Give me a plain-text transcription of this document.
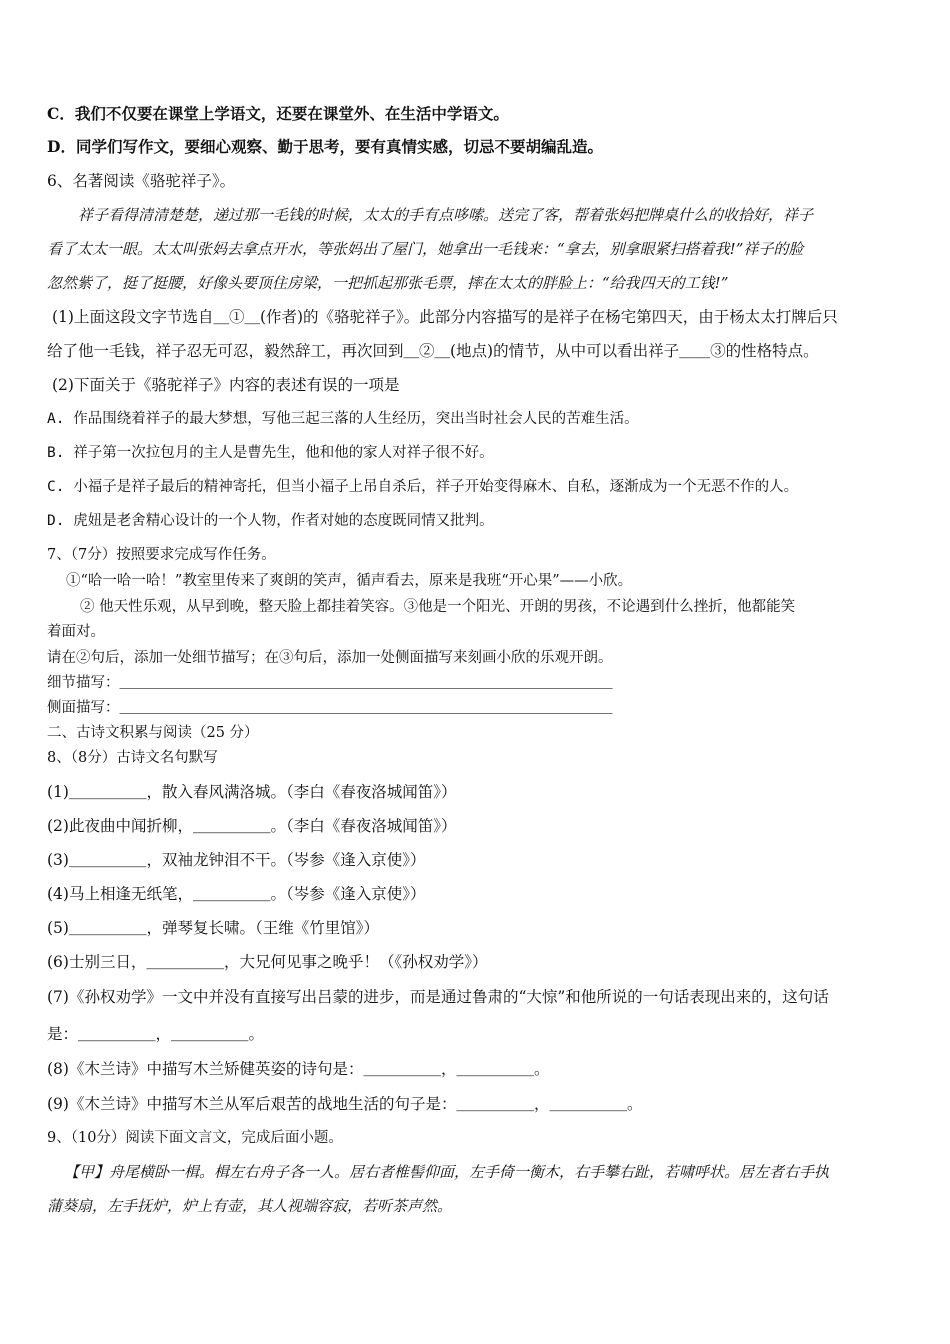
C．我们不仅要在课堂上学语文，还要在课堂外、在生活中学语文。
D．同学们写作文，要细心观察、勤于思考，要有真情实感，切忌不要胡编乱造。
6、名著阅读《骆驼祥子》。
祥子看得清清楚楚，递过那一毛钱的时候，太太的手有点哆嗦。送完了客，帮着张妈把牌桌什么的收拾好，祥子
看了太太一眼。太太叫张妈去拿点开水，等张妈出了屋门，她拿出一毛钱来：“拿去，别拿眼紧扫搭着我!”祥子的脸
忽然紫了，挺了挺腰，好像头要顶住房梁，一把抓起那张毛票，摔在太太的胖脸上：“给我四天的工钱!”
(1)上面这段文字节选自＿①＿(作者)的《骆驼祥子》。此部分内容描写的是祥子在杨宅第四天，由于杨太太打牌后只
给了他一毛钱，祥子忍无可忍，毅然辞工，再次回到＿②＿(地点)的情节，从中可以看出祥子＿＿③的性格特点。
(2)下面关于《骆驼祥子》内容的表述有误的一项是
A. 作品围绕着祥子的最大梦想，写他三起三落的人生经历，突出当时社会人民的苦难生活。
B. 祥子第一次拉包月的主人是曹先生，他和他的家人对祥子很不好。
C. 小福子是祥子最后的精神寄托，但当小福子上吊自杀后，祥子开始变得麻木、自私，逐渐成为一个无恶不作的人。
D. 虎妞是老舍精心设计的一个人物，作者对她的态度既同情又批判。
7、（7分）按照要求完成写作任务。
①“哈一哈一哈！”教室里传来了爽朗的笑声，循声看去，原来是我班“开心果”——小欣。
② 他天性乐观，从早到晚，整天脸上都挂着笑容。③他是一个阳光、开朗的男孩，不论遇到什么挫折，他都能笑
着面对。
请在②句后，添加一处细节描写；在③句后，添加一处侧面描写来刻画小欣的乐观开朗。
细节描写：＿＿＿＿＿＿＿＿＿＿＿＿＿＿＿＿＿＿＿＿＿＿＿＿＿＿＿＿＿＿＿＿＿＿
侧面描写：＿＿＿＿＿＿＿＿＿＿＿＿＿＿＿＿＿＿＿＿＿＿＿＿＿＿＿＿＿＿＿＿＿＿
二、古诗文积累与阅读（25 分）
8、（8分）古诗文名句默写
(1)＿＿＿＿＿，散入春风满洛城。（李白《春夜洛城闻笛》）
(2)此夜曲中闻折柳，＿＿＿＿＿。（李白《春夜洛城闻笛》）
(3)＿＿＿＿＿，双袖龙钟泪不干。（岑参《逢入京使》）
(4)马上相逢无纸笔，＿＿＿＿＿。（岑参《逢入京使》）
(5)＿＿＿＿＿，弹琴复长啸。（王维《竹里馆》）
(6)士别三日，＿＿＿＿＿，大兄何见事之晚乎！（《孙权劝学》）
(7)《孙权劝学》一文中并没有直接写出吕蒙的进步，而是通过鲁肃的“大惊”和他所说的一句话表现出来的，这句话
是：＿＿＿＿＿，＿＿＿＿＿。
(8)《木兰诗》中描写木兰矫健英姿的诗句是：＿＿＿＿＿，＿＿＿＿＿。
(9)《木兰诗》中描写木兰从军后艰苦的战地生活的句子是：＿＿＿＿＿，＿＿＿＿＿。
9、（10分）阅读下面文言文，完成后面小题。
【甲】舟尾横卧一楫。楫左右舟子各一人。居右者椎髻仰面，左手倚一衡木，右手攀右趾，若啸呼状。居左者右手执
蒲葵扇，左手抚炉，炉上有壶，其人视端容寂，若听茶声然。
